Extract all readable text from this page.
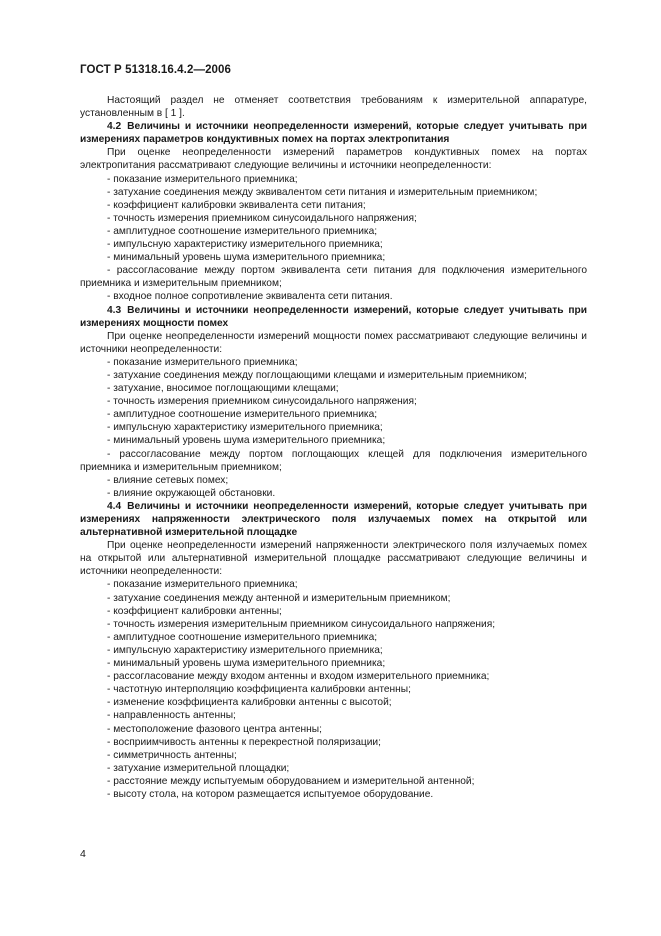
ГОСТ Р 51318.16.4.2—2006

Настоящий раздел не отменяет соответствия требованиям к измерительной аппаратуре, установленным в [ 1 ].

4.2 Величины и источники неопределенности измерений, которые следует учитывать при измерениях параметров кондуктивных помех на портах электропитания

При оценке неопределенности измерений параметров кондуктивных помех на портах электропитания рассматривают следующие величины и источники неопределенности:

- показание измерительного приемника;

- затухание соединения между эквивалентом сети питания и измерительным приемником;

- коэффициент калибровки эквивалента сети питания;

- точность измерения приемником синусоидального напряжения;

- амплитудное соотношение измерительного приемника;

- импульсную характеристику измерительного приемника;

- минимальный уровень шума измерительного приемника;

- рассогласование между портом эквивалента сети питания для подключения измерительного приемника и измерительным приемником;

- входное полное сопротивление эквивалента сети питания.

4.3 Величины и источники неопределенности измерений, которые следует учитывать при измерениях мощности помех

При оценке неопределенности измерений мощности помех рассматривают следующие величины и источники неопределенности:

- показание измерительного приемника;

- затухание соединения между поглощающими клещами и измерительным приемником;

- затухание, вносимое поглощающими клещами;

- точность измерения приемником синусоидального напряжения;

- амплитудное соотношение измерительного приемника;

- импульсную характеристику измерительного приемника;

- минимальный уровень шума измерительного приемника;

- рассогласование между портом поглощающих клещей для подключения измерительного приемника и измерительным приемником;

- влияние сетевых помех;

- влияние окружающей обстановки.

4.4 Величины и источники неопределенности измерений, которые следует учитывать при измерениях напряженности электрического поля излучаемых помех на открытой или альтернативной измерительной площадке

При оценке неопределенности измерений напряженности электрического поля излучаемых помех на открытой или альтернативной измерительной площадке рассматривают следующие величины и источники неопределенности:

- показание измерительного приемника;

- затухание соединения между антенной и измерительным приемником;

- коэффициент калибровки антенны;

- точность измерения измерительным приемником синусоидального напряжения;

- амплитудное соотношение измерительного приемника;

- импульсную характеристику измерительного приемника;

- минимальный уровень шума измерительного приемника;

- рассогласование между входом антенны и входом измерительного приемника;

- частотную интерполяцию коэффициента калибровки антенны;

- изменение коэффициента калибровки антенны с высотой;

- направленность антенны;

- местоположение фазового центра антенны;

- восприимчивость антенны к перекрестной поляризации;

- симметричность антенны;

- затухание измерительной площадки;

- расстояние между испытуемым оборудованием и измерительной антенной;

- высоту стола, на котором размещается испытуемое оборудование.

4
